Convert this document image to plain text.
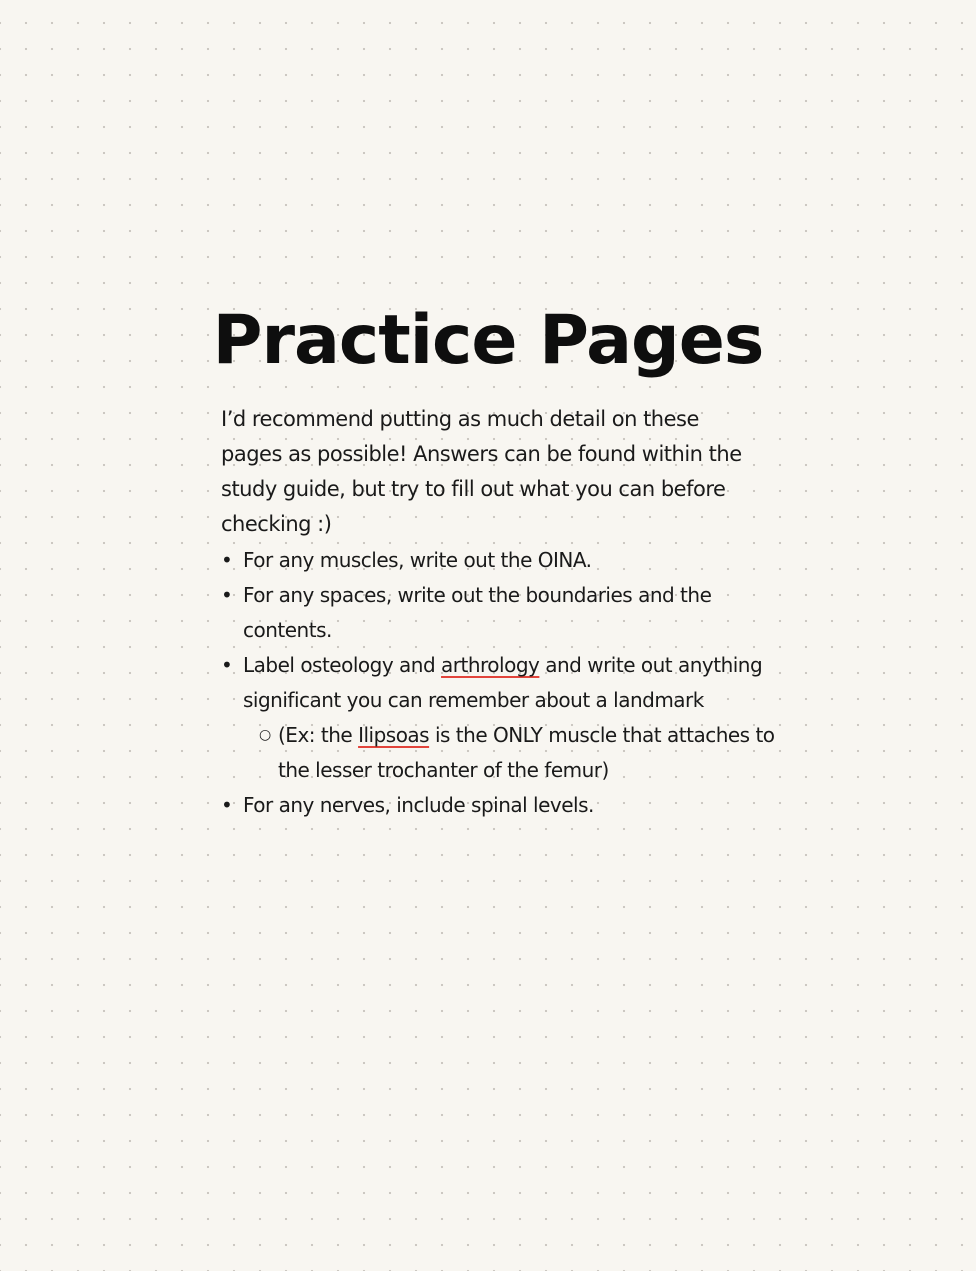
Practice Pages

I’d recommend putting as much detail on these pages as possible! Answers can be found within the study guide, but try to fill out what you can before checking :)

• For any muscles, write out the OINA.
• For any spaces, write out the boundaries and the contents.
• Label osteology and arthrology and write out anything significant you can remember about a landmark
○ (Ex: the Ilipsoas is the ONLY muscle that attaches to the lesser trochanter of the femur)
• For any nerves, include spinal levels.
